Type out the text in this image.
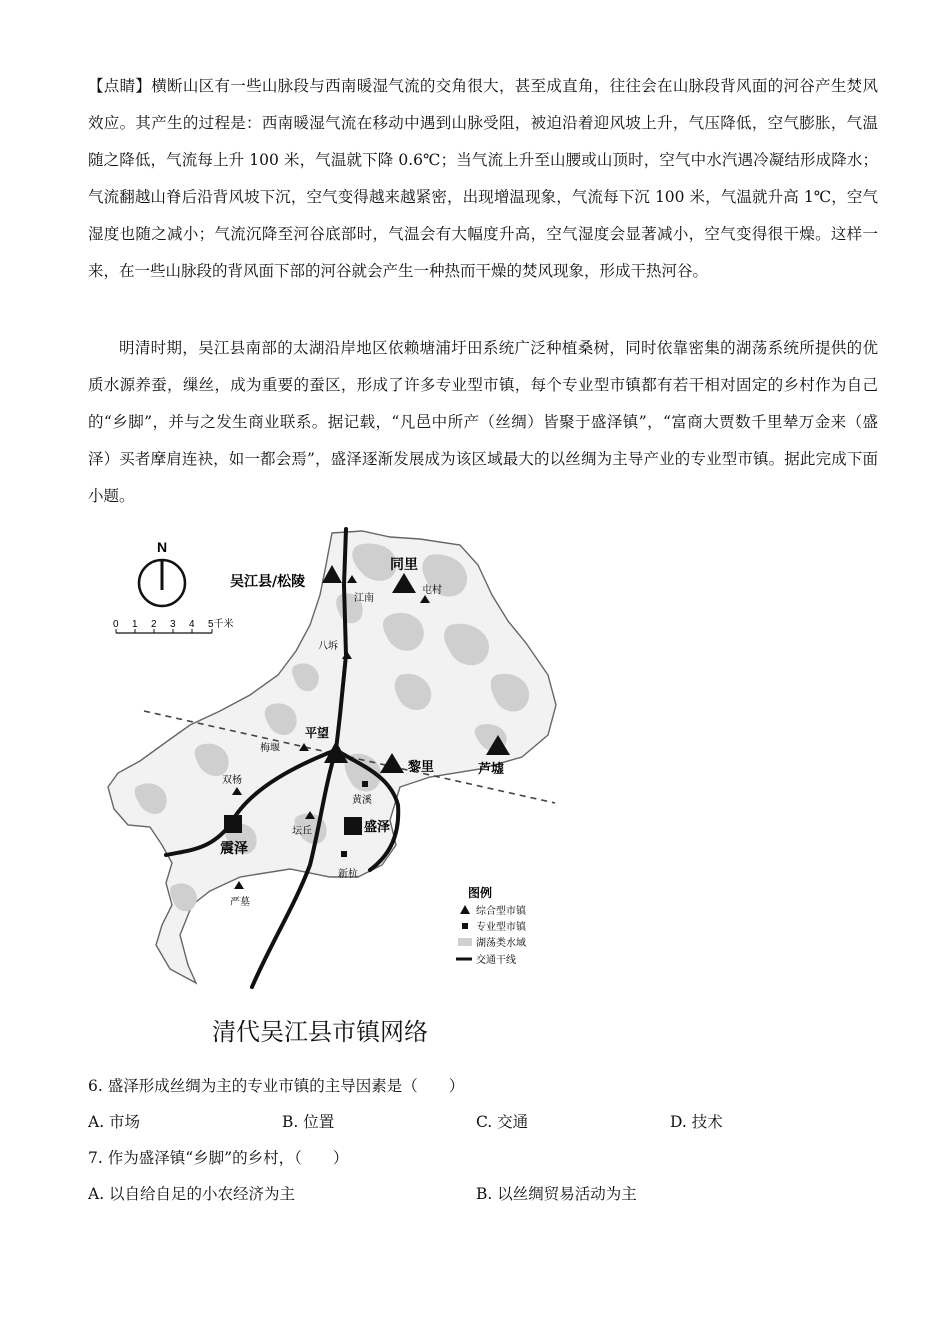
【点睛】横断山区有一些山脉段与西南暖湿气流的交角很大，甚至成直角，往往会在山脉段背风面的河谷产生焚风效应。其产生的过程是：西南暖湿气流在移动中遇到山脉受阻，被迫沿着迎风坡上升，气压降低，空气膨胀，气温随之降低，气流每上升 100 米，气温就下降 0.6℃；当气流上升至山腰或山顶时，空气中水汽遇冷凝结形成降水；气流翻越山脊后沿背风坡下沉，空气变得越来越紧密，出现增温现象，气流每下沉 100 米，气温就升高 1℃，空气湿度也随之减小；气流沉降至河谷底部时，气温会有大幅度升高，空气湿度会显著减小，空气变得很干燥。这样一来，在一些山脉段的背风面下部的河谷就会产生一种热而干燥的焚风现象，形成干热河谷。

明清时期，吴江县南部的太湖沿岸地区依赖塘浦圩田系统广泛种植桑树，同时依靠密集的湖荡系统所提供的优质水源养蚕，缫丝，成为重要的蚕区，形成了许多专业型市镇，每个专业型市镇都有若干相对固定的乡村作为自己的“乡脚”，并与之发生商业联系。据记载，“凡邑中所产（丝绸）皆聚于盛泽镇”，“富商大贾数千里辇万金来（盛泽）买者摩肩连袂，如一都会焉”，盛泽逐渐发展成为该区域最大的以丝绸为主导产业的专业型市镇。据此完成下面小题。

N
0 1 2 3 4 5千米
吴江县/松陵
同里
江南
屯村
八坼
平望
梅堰
黎里	芦墟
双杨
黄溪
震泽
坛丘	盛泽
严墓
新杭
图例
综合型市镇
专业型市镇
湖荡类水域
交通干线
清代吴江县市镇网络
6. 盛泽形成丝绸为主的专业市镇的主导因素是（　　）
A. 市场	B. 位置	C. 交通	D. 技术
7. 作为盛泽镇“乡脚”的乡村，（　　）
A. 以自给自足的小农经济为主	B. 以丝绸贸易活动为主
